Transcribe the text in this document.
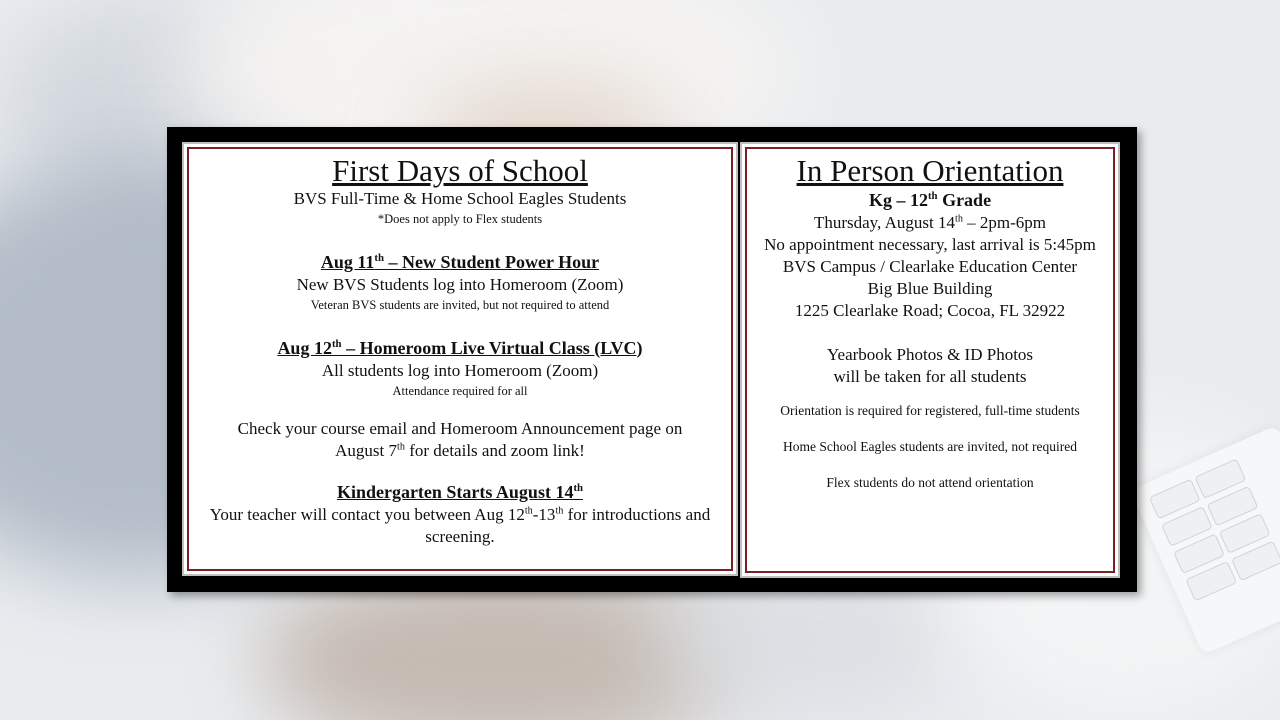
First Days of School
BVS Full-Time & Home School Eagles Students
*Does not apply to Flex students
Aug 11th – New Student Power Hour
New BVS Students log into Homeroom (Zoom)
Veteran BVS students are invited, but not required to attend
Aug 12th – Homeroom Live Virtual Class (LVC)
All students log into Homeroom (Zoom)
Attendance required for all
Check your course email and Homeroom Announcement page on
August 7th for details and zoom link!
Kindergarten Starts August 14th
Your teacher will contact you between Aug 12th-13th for introductions and
screening.
In Person Orientation
Kg – 12th Grade
Thursday, August 14th – 2pm-6pm
No appointment necessary, last arrival is 5:45pm
BVS Campus / Clearlake Education Center
Big Blue Building
1225 Clearlake Road; Cocoa, FL 32922
Yearbook Photos & ID Photos
will be taken for all students
Orientation is required for registered, full-time students
Home School Eagles students are invited, not required
Flex students do not attend orientation
